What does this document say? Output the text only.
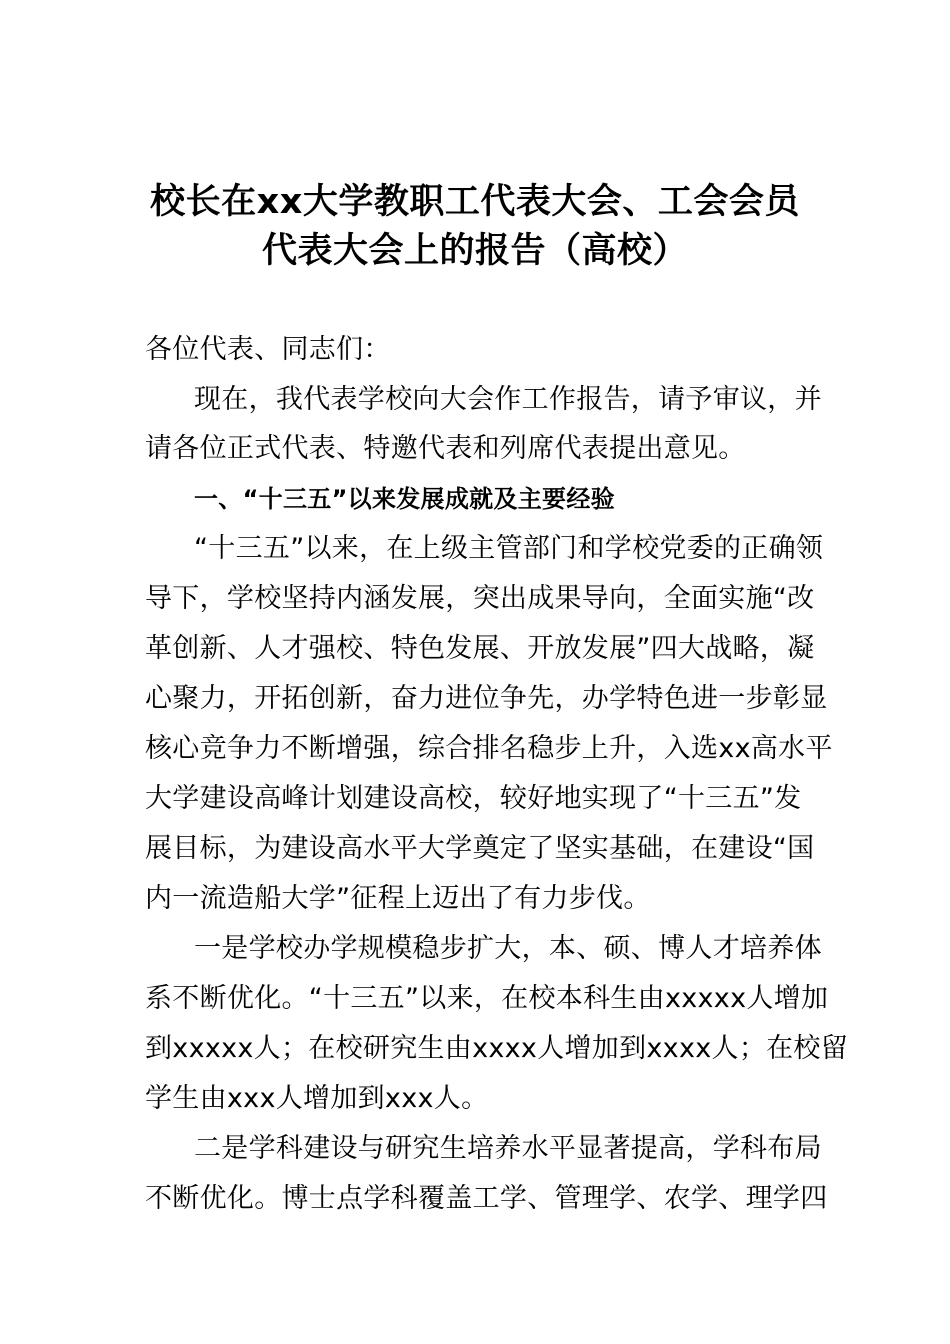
校长在xx大学教职工代表大会、工会会员
代表大会上的报告（高校）
各位代表、同志们：
现在，我代表学校向大会作工作报告，请予审议，并
请各位正式代表、特邀代表和列席代表提出意见。
一、“十三五”以来发展成就及主要经验
“十三五”以来，在上级主管部门和学校党委的正确领
导下，学校坚持内涵发展，突出成果导向，全面实施“改
革创新、人才强校、特色发展、开放发展”四大战略，凝
心聚力，开拓创新，奋力进位争先，办学特色进一步彰显
核心竞争力不断增强，综合排名稳步上升，入选xx高水平
大学建设高峰计划建设高校，较好地实现了“十三五”发
展目标，为建设高水平大学奠定了坚实基础，在建设“国
内一流造船大学”征程上迈出了有力步伐。
一是学校办学规模稳步扩大，本、硕、博人才培养体
系不断优化。“十三五”以来，在校本科生由xxxxx人增加
到xxxxx人；在校研究生由xxxx人增加到xxxx人；在校留
学生由xxx人增加到xxx人。
二是学科建设与研究生培养水平显著提高，学科布局
不断优化。博士点学科覆盖工学、管理学、农学、理学四
